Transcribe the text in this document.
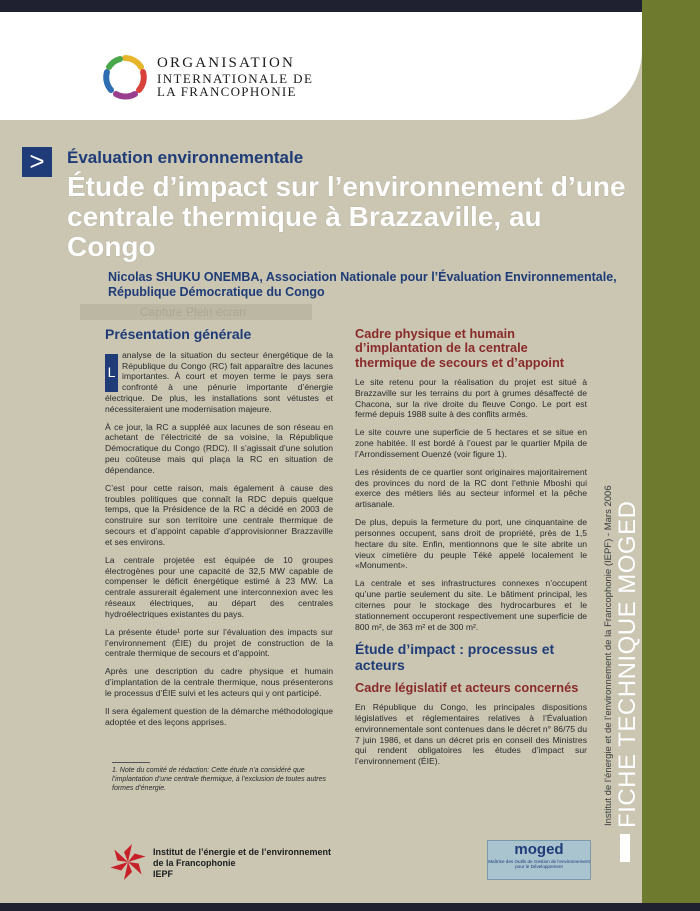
ORGANISATION
INTERNATIONALE DE
LA FRANCOPHONIE
>	Évaluation environnementale
Étude d’impact sur l’environnement d’une centrale thermique à Brazzaville, au Congo
Nicolas SHUKU ONEMBA, Association Nationale pour l’Évaluation Environnementale, République Démocratique du Congo
Capture Plein écran
Présentation générale
L

analyse de la situation du secteur énergétique de la République du Congo (RC) fait apparaître des lacunes importantes. À court et moyen terme le pays sera confronté à une pénurie importante d’énergie électrique. De plus, les installations sont vétustes et nécessiteraient une modernisation majeure.

À ce jour, la RC a suppléé aux lacunes de son réseau en achetant de l’électricité de sa voisine, la République Démocratique du Congo (RDC). Il s’agissait d’une solution peu coûteuse mais qui plaça la RC en situation de dépendance.

C’est pour cette raison, mais également à cause des troubles politiques que connaît la RDC depuis quelque temps, que la Présidence de la RC a décidé en 2003 de construire sur son territoire une centrale thermique de secours et d’appoint capable d’approvisionner Brazzaville et ses environs.

La centrale projetée est équipée de 10 groupes électrogènes pour une capacité de 32,5 MW capable de compenser le déficit énergétique estimé à 23 MW. La centrale assurerait également une interconnexion avec les réseaux électriques, au départ des centrales hydroélectriques existantes du pays.

La présente étude¹ porte sur l’évaluation des impacts sur l’environnement (ÉIE) du projet de construction de la centrale thermique de secours et d’appoint.

Après une description du cadre physique et humain d’implantation de la centrale thermique, nous présenterons le processus d’ÉIE suivi et les acteurs qui y ont participé.

Il sera également question de la démarche méthodologique adoptée et des leçons apprises.

1. Note du comité de rédaction: Cette étude n’a considéré que l’implantation d’une centrale thermique, à l’exclusion de toutes autres formes d’énergie.
Cadre physique et humain d’implantation de la centrale thermique de secours et d’appoint

Le site retenu pour la réalisation du projet est situé à Brazzaville sur les terrains du port à grumes désaffecté de Chacona, sur la rive droite du fleuve Congo. Le port est fermé depuis 1988 suite à des conflits armés.

Le site couvre une superficie de 5 hectares et se situe en zone habitée. Il est bordé à l’ouest par le quartier Mpila de l’Arrondissement Ouenzé (voir figure 1).

Les résidents de ce quartier sont originaires majoritairement des provinces du nord de la RC dont l’ethnie Mboshi qui exerce des métiers liés au secteur informel et la pêche artisanale.

De plus, depuis la fermeture du port, une cinquantaine de personnes occupent, sans droit de propriété, près de 1,5 hectare du site. Enfin, mentionnons que le site abrite un vieux cimetière du peuple Téké appelé localement le «Monument».

La centrale et ses infrastructures connexes n’occupent qu’une partie seulement du site. Le bâtiment principal, les citernes pour le stockage des hydrocarbures et le stationnement occuperont respectivement une superficie de 800 m², de 363 m² et de 300 m².

Étude d’impact : processus et acteurs
Cadre législatif et acteurs concernés

En République du Congo, les principales dispositions législatives et réglementaires relatives à l’Évaluation environnementale sont contenues dans le décret n° 86/75 du 7 juin 1986, et dans un décret pris en conseil des Ministres qui rendent obligatoires les études d’impact sur l’environnement (ÉIE).

Institut de l’énergie et de l’environnement
de la Francophonie
IEPF
moged
Maîtrise des Outils de Gestion de l’environnement pour le Développement
Institut de l’énergie et de l’environnement de la Francophonie (IEPF) - Mars 2006 FICHE TECHNIQUE MOGED
